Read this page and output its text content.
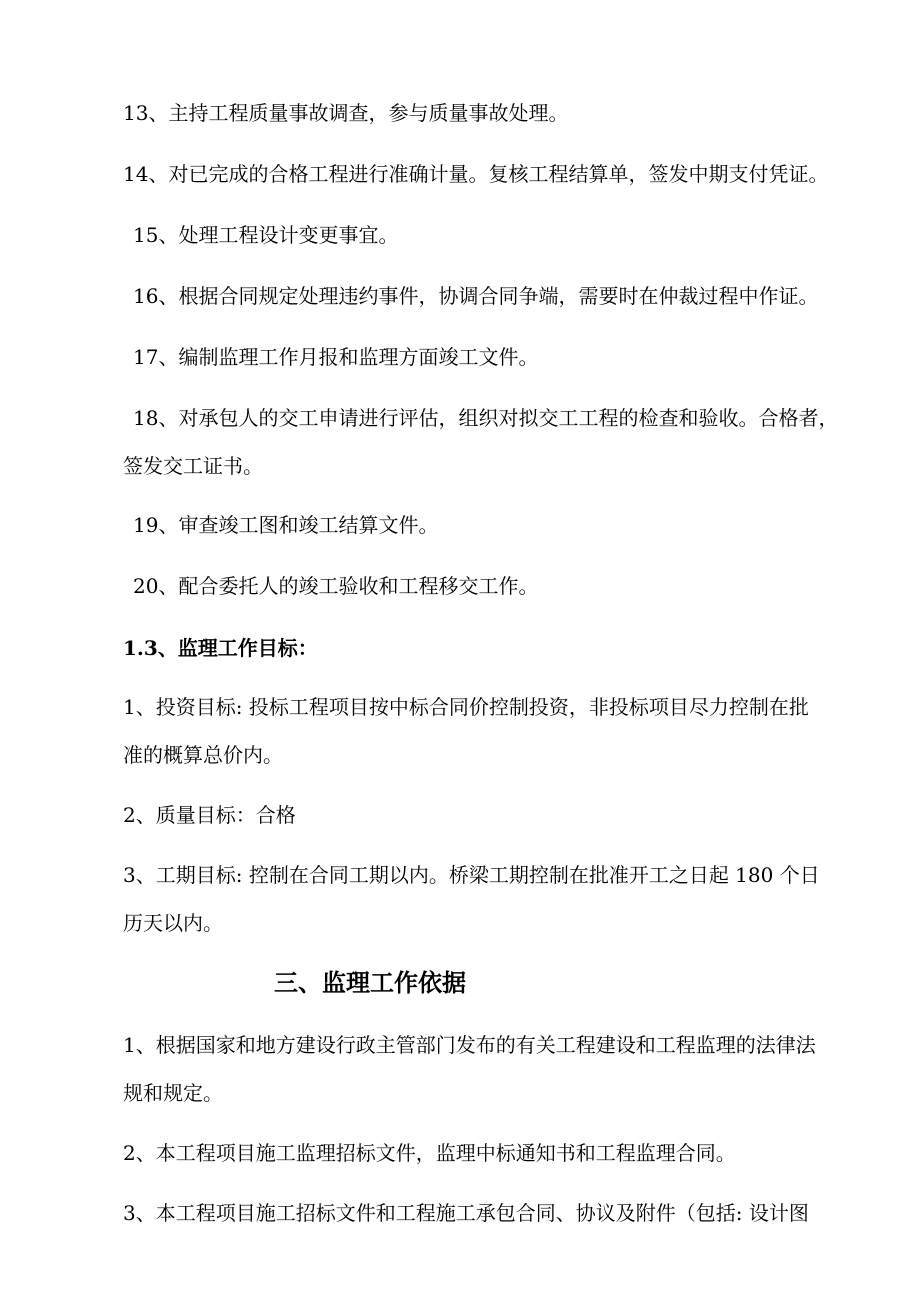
13、主持工程质量事故调查，参与质量事故处理。
14、对已完成的合格工程进行准确计量。复核工程结算单，签发中期支付凭证。
15、处理工程设计变更事宜。
16、根据合同规定处理违约事件，协调合同争端，需要时在仲裁过程中作证。
17、编制监理工作月报和监理方面竣工文件。
18、对承包人的交工申请进行评估，组织对拟交工工程的检查和验收。合格者，
签发交工证书。
19、审查竣工图和竣工结算文件。
20、配合委托人的竣工验收和工程移交工作。
1.3、监理工作目标：
1、投资目标: 投标工程项目按中标合同价控制投资，非投标项目尽力控制在批
准的概算总价内。
2、质量目标：合格
3、工期目标: 控制在合同工期以内。桥梁工期控制在批准开工之日起 180 个日
历天以内。
三、监理工作依据
1、根据国家和地方建设行政主管部门发布的有关工程建设和工程监理的法律法
规和规定。
2、本工程项目施工监理招标文件，监理中标通知书和工程监理合同。
3、本工程项目施工招标文件和工程施工承包合同、协议及附件（包括: 设计图
